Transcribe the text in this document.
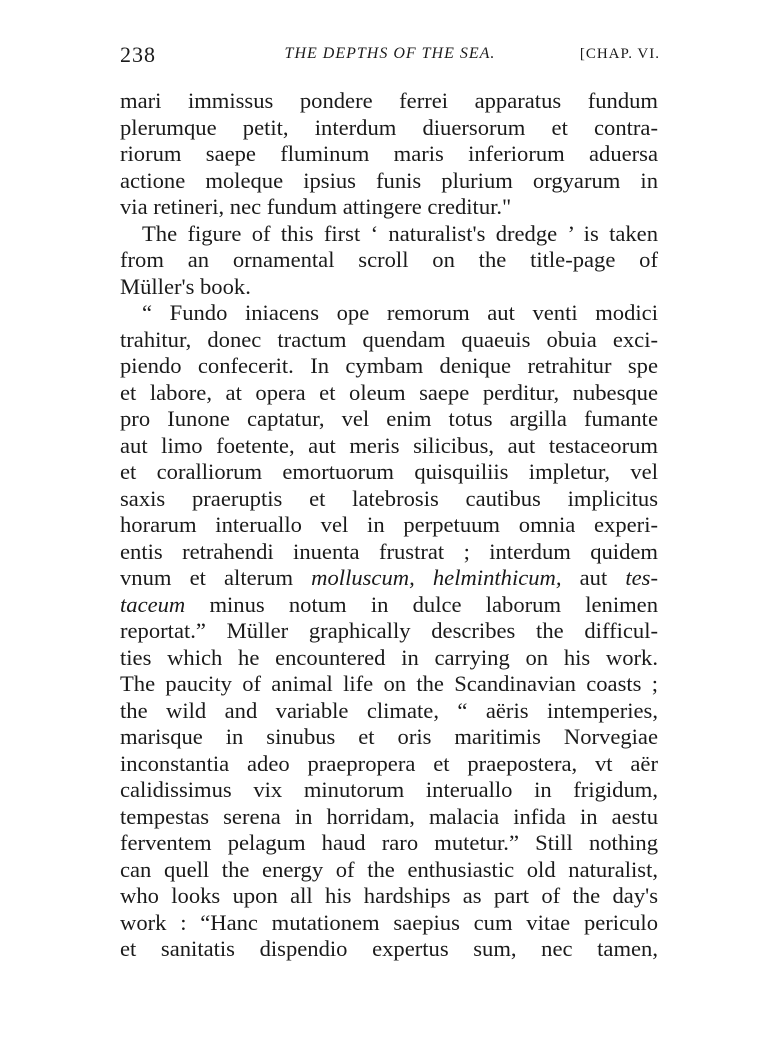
238	THE DEPTHS OF THE SEA.	[CHAP. VI.

mari immissus pondere ferrei apparatus fundum
plerumque petit, interdum diuersorum et contra-
riorum saepe fluminum maris inferiorum aduersa
actione moleque ipsius funis plurium orgyarum in
via retineri, nec fundum attingere creditur."

The figure of this first ‘ naturalist's dredge ’ is taken
from an ornamental scroll on the title-page of
Müller's book.

“ Fundo iniacens ope remorum aut venti modici
trahitur, donec tractum quendam quaeuis obuia exci-
piendo confecerit. In cymbam denique retrahitur spe
et labore, at opera et oleum saepe perditur, nubesque
pro Iunone captatur, vel enim totus argilla fumante
aut limo foetente, aut meris silicibus, aut testaceorum
et coralliorum emortuorum quisquiliis impletur, vel
saxis praeruptis et latebrosis cautibus implicitus
horarum interuallo vel in perpetuum omnia experi-
entis retrahendi inuenta frustrat ; interdum quidem
vnum et alterum molluscum, helminthicum, aut tes-
taceum minus notum in dulce laborum lenimen
reportat.” Müller graphically describes the difficul-
ties which he encountered in carrying on his work.
The paucity of animal life on the Scandinavian coasts ;
the wild and variable climate, “ aëris intemperies,
marisque in sinubus et oris maritimis Norvegiae
inconstantia adeo praepropera et praepostera, vt aër
calidissimus vix minutorum interuallo in frigidum,
tempestas serena in horridam, malacia infida in aestu
ferventem pelagum haud raro mutetur.” Still nothing
can quell the energy of the enthusiastic old naturalist,
who looks upon all his hardships as part of the day's
work : “Hanc mutationem saepius cum vitae periculo
et sanitatis dispendio expertus sum, nec tamen,
